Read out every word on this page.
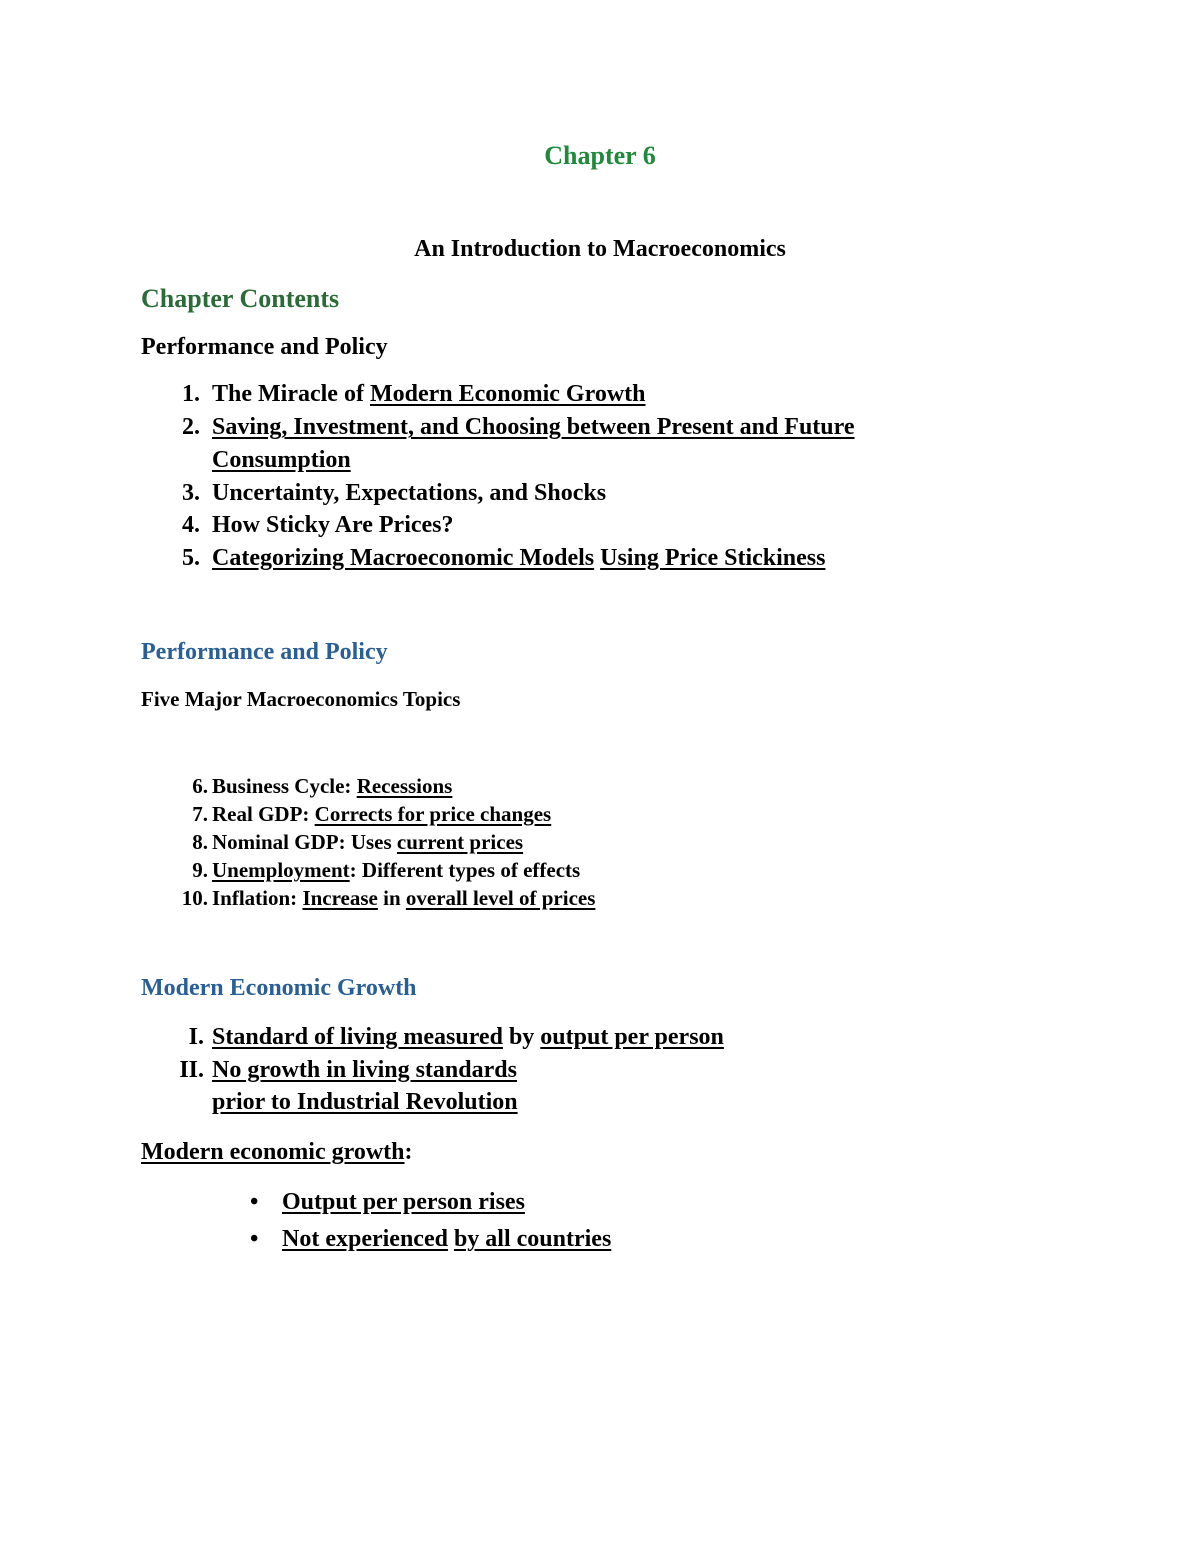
Chapter 6
An Introduction to Macroeconomics
Chapter Contents
Performance and Policy
1. The Miracle of Modern Economic Growth
2. Saving, Investment, and Choosing between Present and Future
Consumption
3. Uncertainty, Expectations, and Shocks
4. How Sticky Are Prices?
5. Categorizing Macroeconomic Models Using Price Stickiness
Performance and Policy
Five Major Macroeconomics Topics
6. Business Cycle: Recessions
7. Real GDP: Corrects for price changes
8. Nominal GDP: Uses current prices
9. Unemployment: Different types of effects
10. Inflation: Increase in overall level of prices
Modern Economic Growth
I. Standard of living measured by output per person
II. No growth in living standards
prior to Industrial Revolution
Modern economic growth:
• Output per person rises
• Not experienced by all countries
